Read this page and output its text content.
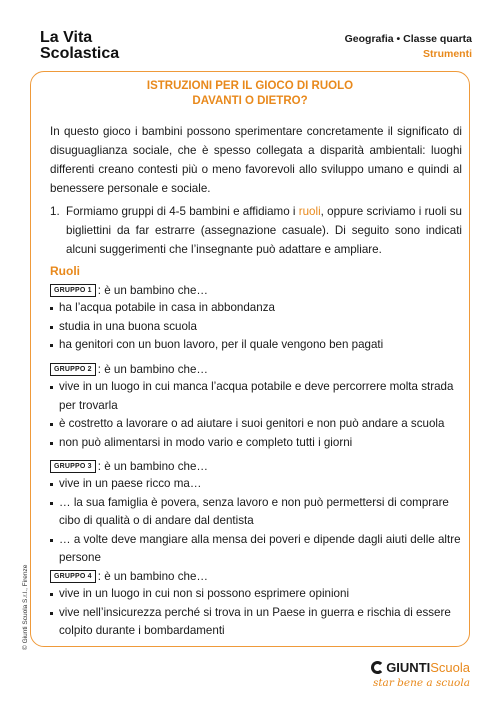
La Vita
Scolastica
Geografia • Classe quarta
Strumenti
ISTRUZIONI PER IL GIOCO DI RUOLO
DAVANTI O DIETRO?

In questo gioco i bambini possono sperimentare concretamente il significato di disuguaglianza sociale, che è spesso collegata a disparità ambientali: luoghi differenti creano contesti più o meno favorevoli allo sviluppo umano e quindi al benessere personale e sociale.

1. Formiamo gruppi di 4-5 bambini e affidiamo i ruoli, oppure scriviamo i ruoli su bigliettini da far estrarre (assegnazione casuale). Di seguito sono indicati alcuni suggerimenti che l’insegnante può adattare e ampliare.

Ruoli
GRUPPO 1 : è un bambino che…
ha l’acqua potabile in casa in abbondanza
studia in una buona scuola
ha genitori con un buon lavoro, per il quale vengono ben pagati
GRUPPO 2 : è un bambino che…
vive in un luogo in cui manca l’acqua potabile e deve percorrere molta strada per trovarla
è costretto a lavorare o ad aiutare i suoi genitori e non può andare a scuola
non può alimentarsi in modo vario e completo tutti i giorni
GRUPPO 3 : è un bambino che…
vive in un paese ricco ma…
… la sua famiglia è povera, senza lavoro e non può permettersi di comprare cibo di qualità o di andare dal dentista
… a volte deve mangiare alla mensa dei poveri e dipende dagli aiuti delle altre persone
GRUPPO 4 : è un bambino che…
vive in un luogo in cui non si possono esprimere opinioni
vive nell’insicurezza perché si trova in un Paese in guerra e rischia di essere colpito durante i bombardamenti
© Giunti Scuola S.r.l., Firenze
GIUNTI Scuola
star bene a scuola
